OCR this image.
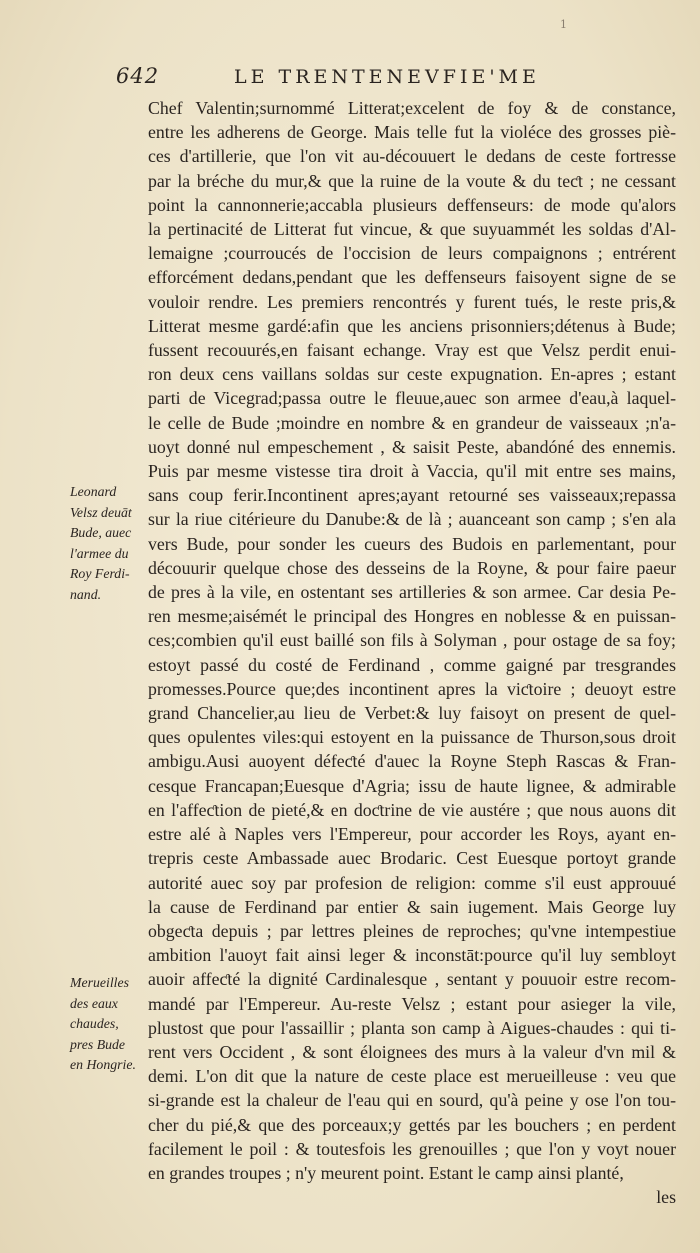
1
642	LE TRENTENEVFIE'ME
Chef Valentin;surnommé Litterat;excelent de foy & de constance,
entre les adherens de George. Mais telle fut la violéce des grosses piè-
ces d'artillerie, que l'on vit au-découuert le dedans de ceste fortresse
par la bréche du mur,& que la ruine de la voute & du teƈt ; ne cessant
point la cannonnerie;accabla plusieurs deffenseurs: de mode qu'alors
la pertinacité de Litterat fut vincue, & que suyuammét les soldas d'Al-
lemaigne ;courroucés de l'occision de leurs compaignons ; entrérent
efforcément dedans,pendant que les deffenseurs faisoyent signe de se
vouloir rendre. Les premiers rencontrés y furent tués, le reste pris,&
Litterat mesme gardé:afin que les anciens prisonniers;détenus à Bude;
fussent recouurés,en faisant echange. Vray est que Velsz perdit enui-
ron deux cens vaillans soldas sur ceste expugnation. En-apres ; estant
parti de Vicegrad;passa outre le fleuue,auec son armee d'eau,à laquel-
le celle de Bude ;moindre en nombre & en grandeur de vaisseaux ;n'a-
uoyt donné nul empeschement , & saisit Peste, abandóné des ennemis.
Puis par mesme vistesse tira droit à Vaccia, qu'il mit entre ses mains,
sans coup ferir.Incontinent apres;ayant retourné ses vaisseaux;repassa
sur la riue citérieure du Danube:& de là ; auanceant son camp ; s'en ala
vers Bude, pour sonder les cueurs des Budois en parlementant, pour
découurir quelque chose des desseins de la Royne, & pour faire paeur
de pres à la vile, en ostentant ses artilleries & son armee. Car desia Pe-
ren mesme;aisémét le principal des Hongres en noblesse & en puissan-
ces;combien qu'il eust baillé son fils à Solyman , pour ostage de sa foy;
estoyt passé du costé de Ferdinand , comme gaigné par tresgrandes
promesses.Pource que;des incontinent apres la viƈtoire ; deuoyt estre
grand Chancelier,au lieu de Verbet:& luy faisoyt on present de quel-
ques opulentes viles:qui estoyent en la puissance de Thurson,sous droit
ambigu.Ausi auoyent défeƈté d'auec la Royne Steph Rascas & Fran-
cesque Francapan;Euesque d'Agria; issu de haute lignee, & admirable
en l'affeƈtion de pieté,& en doƈtrine de vie austére ; que nous auons dit
estre alé à Naples vers l'Empereur, pour accorder les Roys, ayant en-
trepris ceste Ambassade auec Brodaric. Cest Euesque portoyt grande
autorité auec soy par profesion de religion: comme s'il eust approuué
la cause de Ferdinand par entier & sain iugement. Mais George luy
obgeƈta depuis ; par lettres pleines de reproches; qu'vne intempestiue
ambition l'auoyt fait ainsi leger & inconstāt:pource qu'il luy sembloyt
auoir affeƈté la dignité Cardinalesque , sentant y pouuoir estre recom-
mandé par l'Empereur. Au-reste Velsz ; estant pour asieger la vile,
plustost que pour l'assaillir ; planta son camp à Aigues-chaudes : qui ti-
rent vers Occident , & sont éloignees des murs à la valeur d'vn mil &
demi. L'on dit que la nature de ceste place est merueilleuse : veu que
si-grande est la chaleur de l'eau qui en sourd, qu'à peine y ose l'on tou-
cher du pié,& que des porceaux;y gettés par les bouchers ; en perdent
facilement le poil : & toutesfois les grenouilles ; que l'on y voyt nouer
en grandes troupes ; n'y meurent point. Estant le camp ainsi planté,
les
Leonard
Velsz deuāt
Bude, auec
l'armee du
Roy Ferdi-
nand.
Merueilles
des eaux
chaudes,
pres Bude
en Hongrie.
